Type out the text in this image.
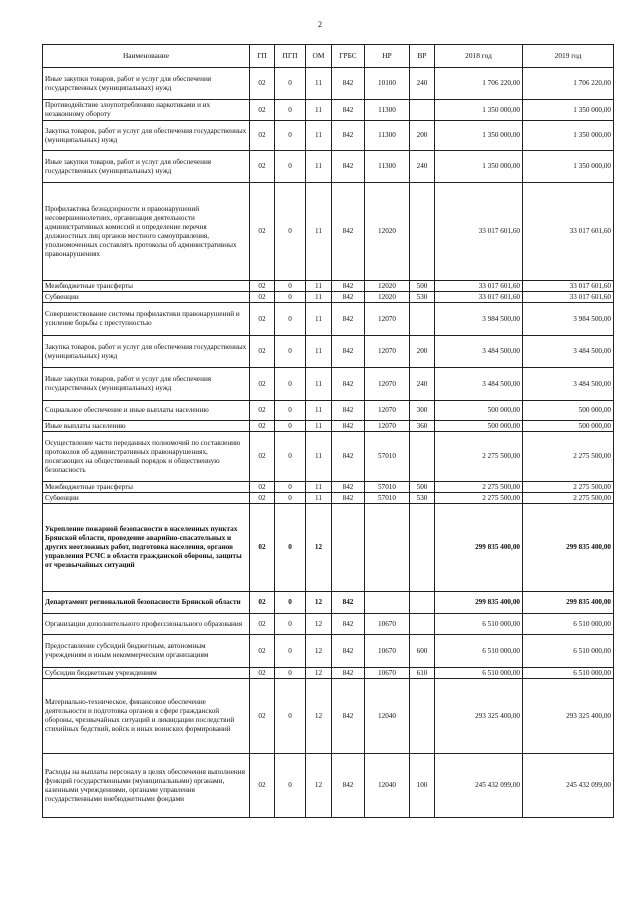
2
Наименование	ГП	ПГП	ОМ	ГРБС	НР	ВР	2018 год	2019 год
Иные закупки товаров, работ и услуг для обеспечения государственных (муниципальных) нужд	02	0	11	842	10100	240	1 706 220,00	1 706 220,00
Противодействие злоупотреблению наркотиками и их незаконному обороту	02	0	11	842	11300		1 350 000,00	1 350 000,00
Закупка товаров, работ и услуг для обеспечения государственных (муниципальных) нужд	02	0	11	842	11300	200	1 350 000,00	1 350 000,00
Иные закупки товаров, работ и услуг для обеспечения государственных (муниципальных) нужд	02	0	11	842	11300	240	1 350 000,00	1 350 000,00
Профилактика безнадзорности и правонарушений несовершеннолетних, организация деятельности административных комиссий и определение перечня должностных лиц органов местного самоуправления, уполномоченных составлять протоколы об административных правонарушениях	02	0	11	842	12020		33 017 601,60	33 017 601,60
Межбюджетные трансферты	02	0	11	842	12020	500	33 017 601,60	33 017 601,60
Субвенции	02	0	11	842	12020	530	33 017 601,60	33 017 601,60
Совершенствование системы профилактики правонарушений и усиление борьбы с преступностью	02	0	11	842	12070		3 984 500,00	3 984 500,00
Закупка товаров, работ и услуг для обеспечения государственных (муниципальных) нужд	02	0	11	842	12070	200	3 484 500,00	3 484 500,00
Иные закупки товаров, работ и услуг для обеспечения государственных (муниципальных) нужд	02	0	11	842	12070	240	3 484 500,00	3 484 500,00
Социальное обеспечение и иные выплаты населению	02	0	11	842	12070	300	500 000,00	500 000,00
Иные выплаты населению	02	0	11	842	12070	360	500 000,00	500 000,00
Осуществление части переданных полномочий по составлению протоколов об административных правонарушениях, посягающих на общественный порядок и общественную безопасность	02	0	11	842	57010		2 275 500,00	2 275 500,00
Межбюджетные трансферты	02	0	11	842	57010	500	2 275 500,00	2 275 500,00
Субвенции	02	0	11	842	57010	530	2 275 500,00	2 275 500,00
Укрепление пожарной безопасности в населенных пунктах Брянской области, проведение аварийно-спасательных и других неотложных работ, подготовка населения, органов управления РСЧС в области гражданской обороны, защиты от чрезвычайных ситуаций	02	0	12				299 835 400,00	299 835 400,00
Департамент региональной безопасности Брянской области	02	0	12	842			299 835 400,00	299 835 400,00
Организации дополнительного профессионального образования	02	0	12	842	10670		6 510 000,00	6 510 000,00
Предоставление субсидий бюджетным, автономным учреждениям и иным некоммерческим организациям	02	0	12	842	10670	600	6 510 000,00	6 510 000,00
Субсидии бюджетным учреждениям	02	0	12	842	10670	610	6 510 000,00	6 510 000,00
Материально-техническое, финансовое обеспечение деятельности и подготовка органов в сфере гражданской обороны, чрезвычайных ситуаций и ликвидации последствий стихийных бедствий, войск и иных воинских формирований	02	0	12	842	12040		293 325 400,00	293 325 400,00
Расходы на выплаты персоналу в целях обеспечения выполнения функций государственными (муниципальными) органами, казенными учреждениями, органами управления государственными внебюджетными фондами	02	0	12	842	12040	100	245 432 099,00	245 432 099,00
